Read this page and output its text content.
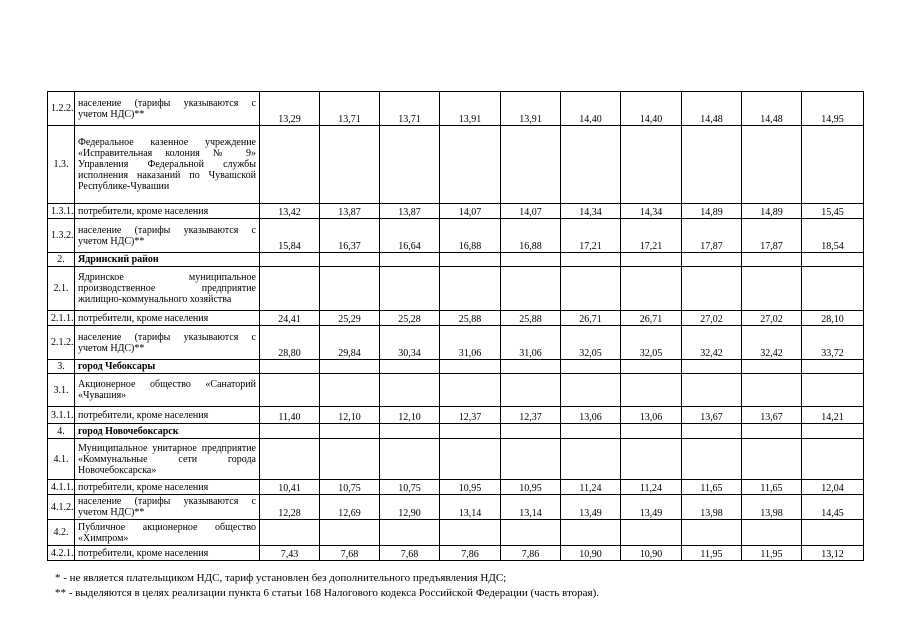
1.2.2.	население (тарифы указываются с учетом НДС)**	13,29	13,71	13,71	13,91	13,91	14,40	14,40	14,48	14,48	14,95
1.3.	Федеральное казенное учреждение «Исправительная колония № 9» Управления Федеральной службы исполнения наказаний по Чувашской Республике-Чувашии										
1.3.1.	потребители, кроме населения	13,42	13,87	13,87	14,07	14,07	14,34	14,34	14,89	14,89	15,45
1.3.2.	население (тарифы указываются с учетом НДС)**	15,84	16,37	16,64	16,88	16,88	17,21	17,21	17,87	17,87	18,54
2.	Ядринский район										
2.1.	Ядринское муниципальное производственное предприятие жилищно-коммунального хозяйства										
2.1.1.	потребители, кроме населения	24,41	25,29	25,28	25,88	25,88	26,71	26,71	27,02	27,02	28,10
2.1.2.	население (тарифы указываются с учетом НДС)**	28,80	29,84	30,34	31,06	31,06	32,05	32,05	32,42	32,42	33,72
3.	город Чебоксары										
3.1.	Акционерное общество «Санаторий «Чувашия»										
3.1.1.	потребители, кроме населения	11,40	12,10	12,10	12,37	12,37	13,06	13,06	13,67	13,67	14,21
4.	город Новочебоксарск										
4.1.	Муниципальное унитарное предприятие «Коммунальные сети города Новочебоксарска»										
4.1.1.	потребители, кроме населения	10,41	10,75	10,75	10,95	10,95	11,24	11,24	11,65	11,65	12,04
4.1.2.	население (тарифы указываются с учетом НДС)**	12,28	12,69	12,90	13,14	13,14	13,49	13,49	13,98	13,98	14,45
4.2.	Публичное акционерное общество «Химпром»										
4.2.1.	потребители, кроме населения	7,43	7,68	7,68	7,86	7,86	10,90	10,90	11,95	11,95	13,12
* - не является плательщиком НДС, тариф установлен без дополнительного предъявления НДС;
** - выделяются в целях реализации пункта 6 статьи 168 Налогового кодекса Российской Федерации (часть вторая).
